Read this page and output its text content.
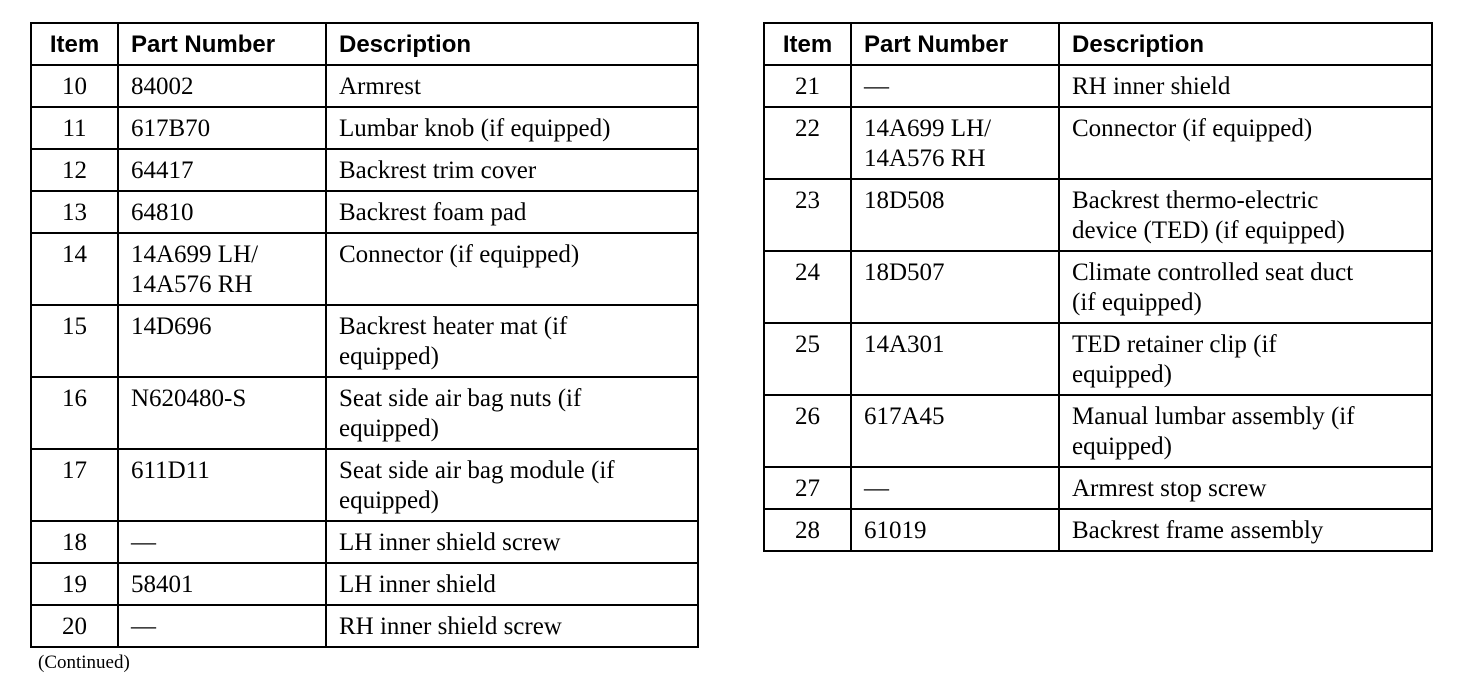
Item	Part Number	Description
10	84002	Armrest
11	617B70	Lumbar knob (if equipped)
12	64417	Backrest trim cover
13	64810	Backrest foam pad
14	14A699 LH/
14A576 RH	Connector (if equipped)
15	14D696	Backrest heater mat (if
equipped)
16	N620480-S	Seat side air bag nuts (if
equipped)
17	611D11	Seat side air bag module (if
equipped)
18	—	LH inner shield screw
19	58401	LH inner shield
20	—	RH inner shield screw
Item	Part Number	Description
21	—	RH inner shield
22	14A699 LH/
14A576 RH	Connector (if equipped)
23	18D508	Backrest thermo-electric
device (TED) (if equipped)
24	18D507	Climate controlled seat duct
(if equipped)
25	14A301	TED retainer clip (if
equipped)
26	617A45	Manual lumbar assembly (if
equipped)
27	—	Armrest stop screw
28	61019	Backrest frame assembly
(Continued)
